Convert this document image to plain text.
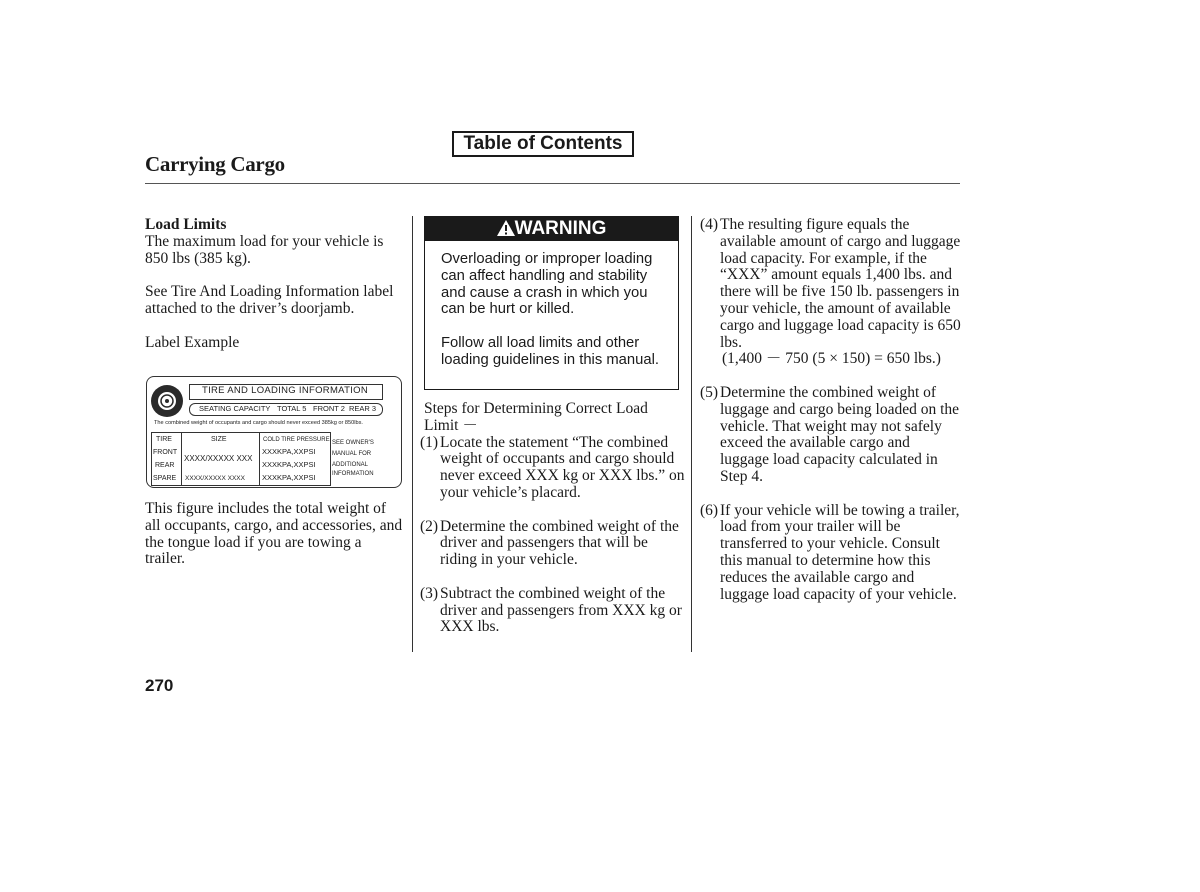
Table of Contents
Carrying Cargo
Load Limits

The maximum load for your vehicle is 850 lbs (385 kg).

See Tire And Loading Information label attached to the driver’s doorjamb.

Label Example

TIRE AND LOADING INFORMATION
SEATING CAPACITY TOTAL 5 FRONT 2 REAR 3
The combined weight of occupants and cargo should never exceed 385kg or 850lbs.
TIRE	SIZE	COLD TIRE PRESSURE
FRONT
REAR
SPARE
XXXX/XXXXX XXX
XXXX/XXXXX XXXX
XXXKPA,XXPSI
XXXKPA,XXPSI
XXXKPA,XXPSI
SEE OWNER'S
MANUAL FOR
ADDITIONAL
INFORMATION

This figure includes the total weight of all occupants, cargo, and accessories, and the tongue load if you are towing a trailer.

WARNING

Overloading or improper loading can affect handling and stability and cause a crash in which you can be hurt or killed.

Follow all load limits and other loading guidelines in this manual.

Steps for Determining Correct Load Limit －

(1) Locate the statement “The combined weight of occupants and cargo should never exceed XXX kg or XXX lbs.” on your vehicle’s placard.

(2) Determine the combined weight of the driver and passengers that will be riding in your vehicle.

(3) Subtract the combined weight of the driver and passengers from XXX kg or XXX lbs.

(4) The resulting figure equals the available amount of cargo and luggage load capacity. For example, if the “XXX” amount equals 1,400 lbs. and there will be five 150 lb. passengers in your vehicle, the amount of available cargo and luggage load capacity is 650 lbs.

(1,400 － 750 (5 × 150) = 650 lbs.)

(5) Determine the combined weight of luggage and cargo being loaded on the vehicle. That weight may not safely exceed the available cargo and luggage load capacity calculated in Step 4.

(6) If your vehicle will be towing a trailer, load from your trailer will be transferred to your vehicle. Consult this manual to determine how this reduces the available cargo and luggage load capacity of your vehicle.

270
